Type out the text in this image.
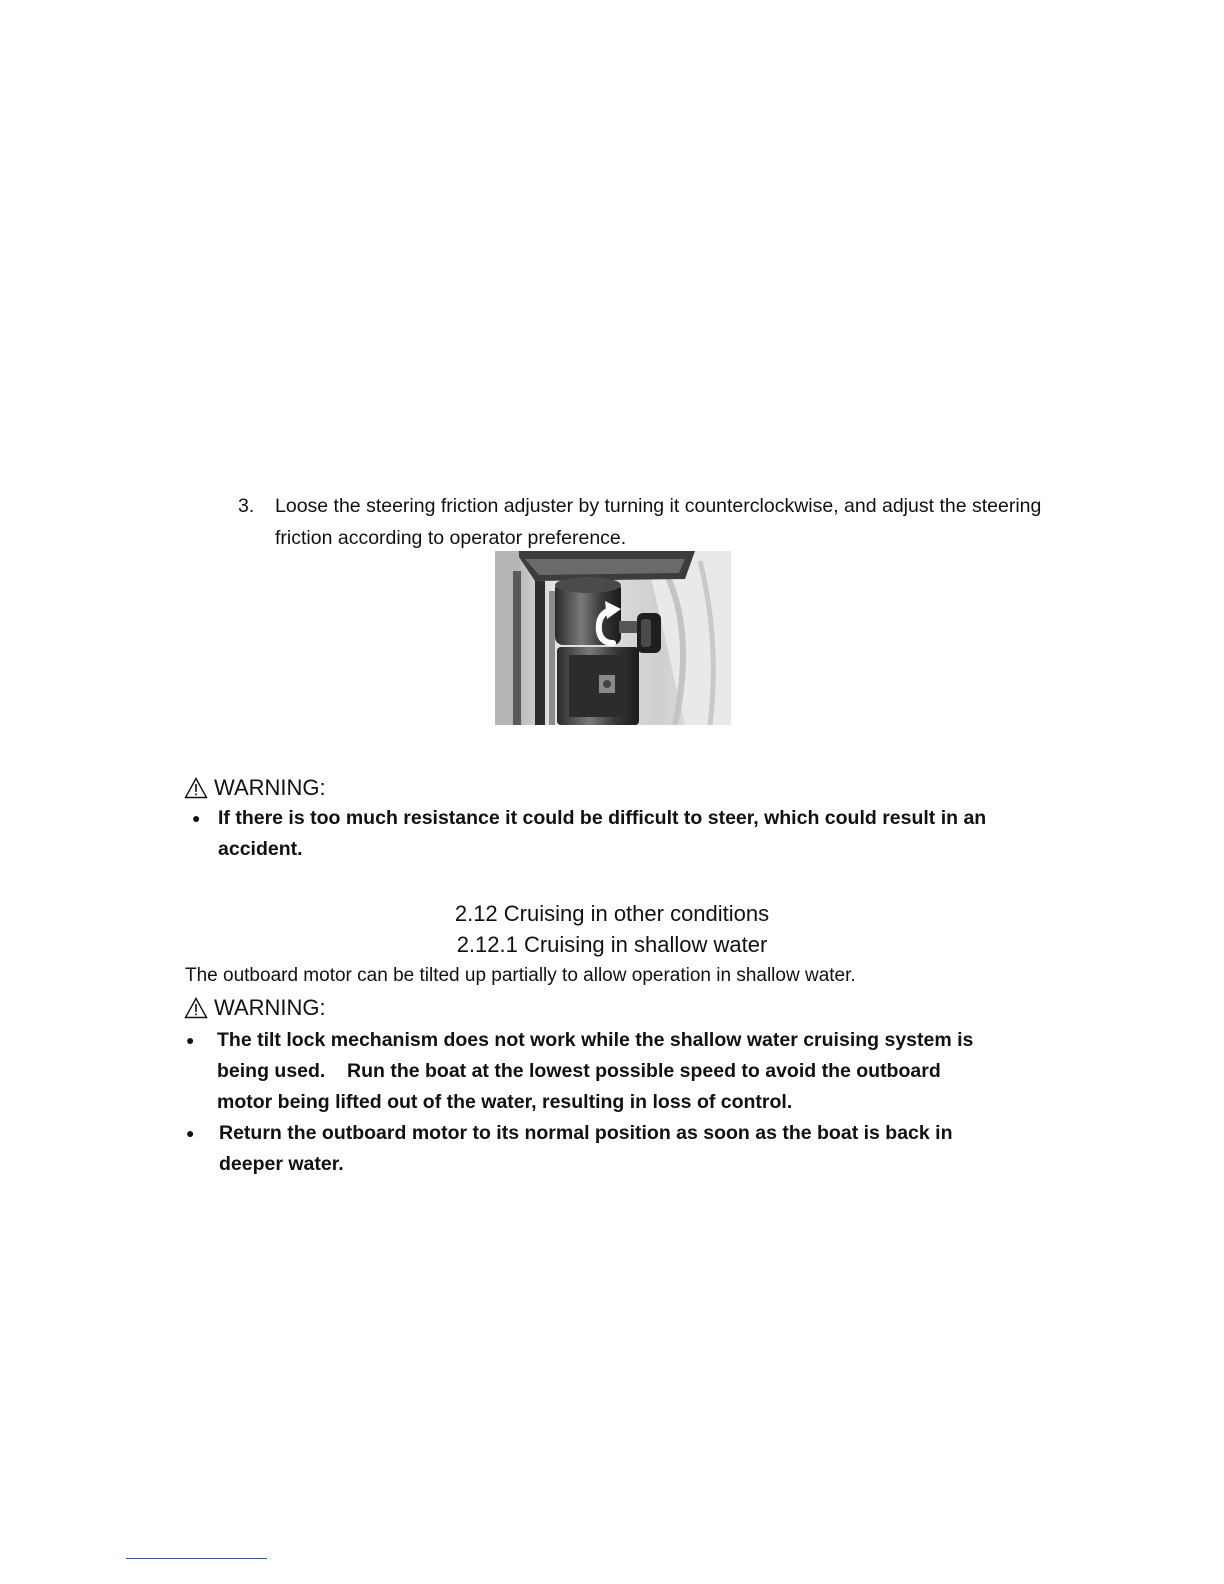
3. Loose the steering friction adjuster by turning it counterclockwise, and adjust the steering friction according to operator preference.
WARNING:
● If there is too much resistance it could be difficult to steer, which could result in an accident.
2.12 Cruising in other conditions
2.12.1 Cruising in shallow water
The outboard motor can be tilted up partially to allow operation in shallow water.
WARNING:
● The tilt lock mechanism does not work while the shallow water cruising system is being used.    Run the boat at the lowest possible speed to avoid the outboard motor being lifted out of the water, resulting in loss of control.
● Return the outboard motor to its normal position as soon as the boat is back in deeper water.
